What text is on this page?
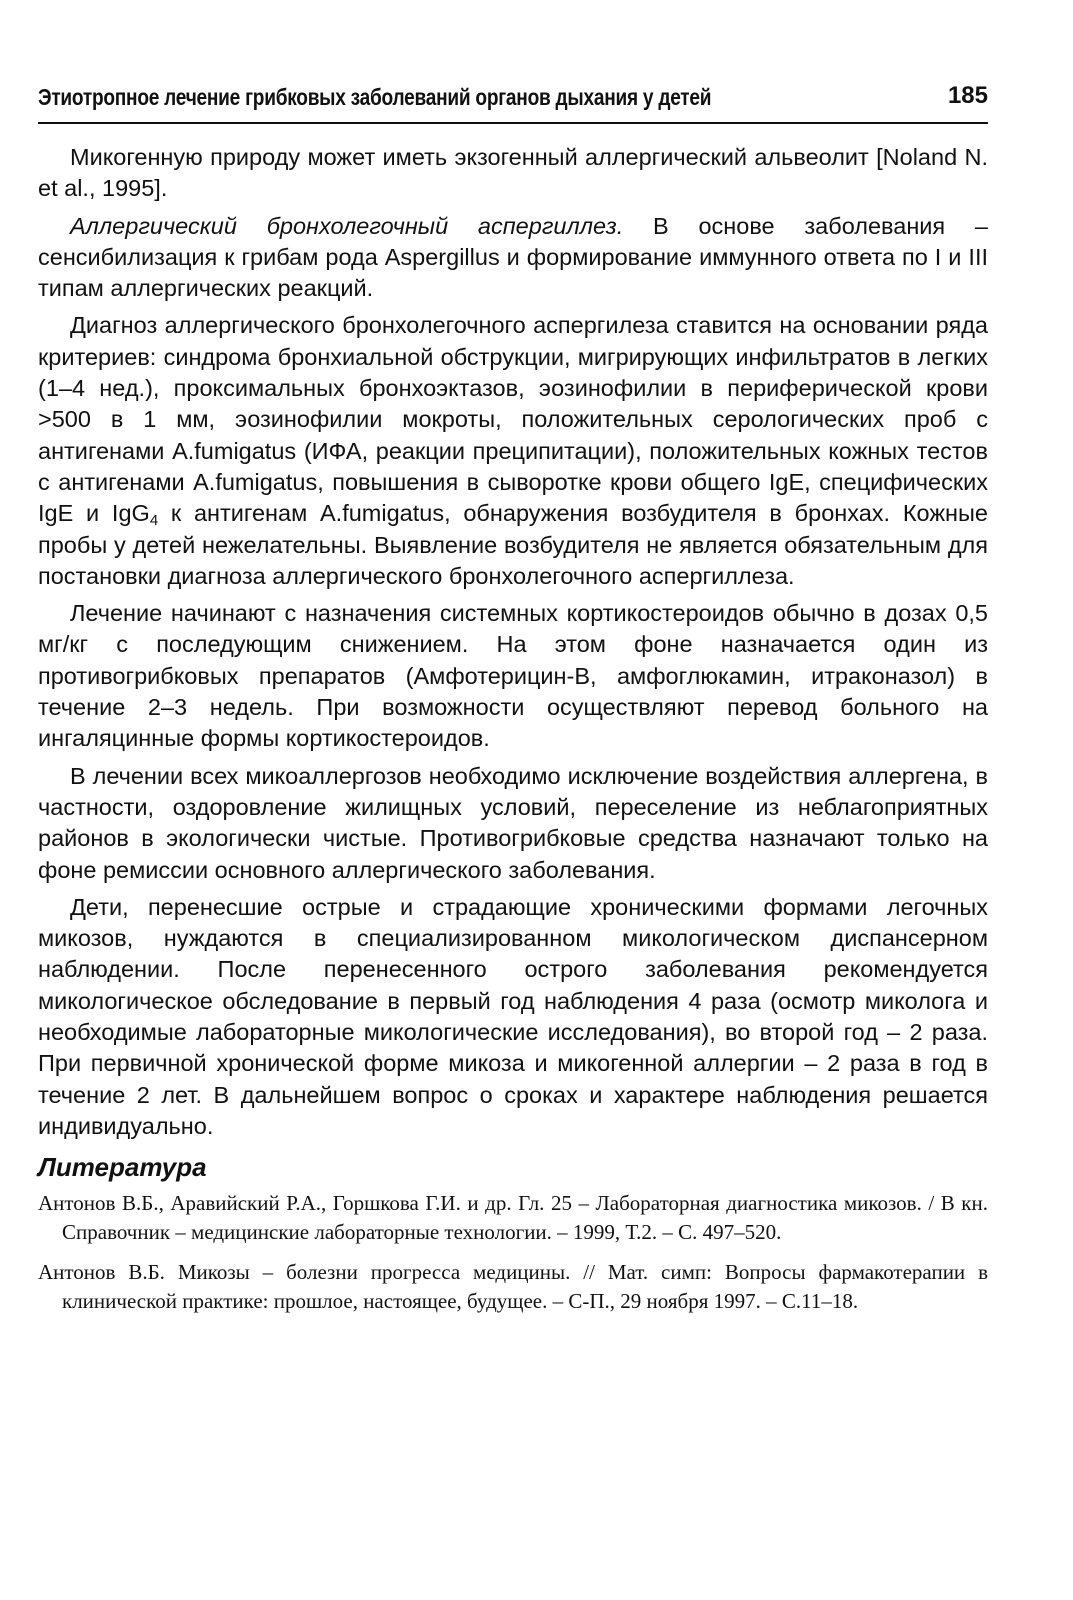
Этиотропное лечение грибковых заболеваний органов дыхания у детей	185

Микогенную природу может иметь экзогенный аллергический альвеолит [Noland N. et al., 1995].

Аллергический бронхолегочный аспергиллез. В основе заболевания – сенсибилизация к грибам рода Aspergillus и формирование иммунного ответа по I и III типам аллергических реакций.

Диагноз аллергического бронхолегочного аспергилеза ставится на основании ряда критериев: синдрома бронхиальной обструкции, мигрирующих инфильтратов в легких (1–4 нед.), проксимальных бронхоэктазов, эозинофилии в периферической крови >500 в 1 мм, эозинофилии мокроты, положительных серологических проб с антигенами A.fumigatus (ИФА, реакции преципитации), положительных кожных тестов с антигенами A.fumigatus, повышения в сыворотке крови общего IgE, специфических IgE и IgG$_4$ к антигенам A.fumigatus, обнаружения возбудителя в бронхах. Кожные пробы у детей нежелательны. Выявление возбудителя не является обязательным для постановки диагноза аллергического бронхолегочного аспергиллеза.

Лечение начинают с назначения системных кортикостероидов обычно в дозах 0,5 мг/кг с последующим снижением. На этом фоне назначается один из противогрибковых препаратов (Амфотерицин-В, амфоглюкамин, итраконазол) в течение 2–3 недель. При возможности осуществляют перевод больного на ингаляцинные формы кортикостероидов.

В лечении всех микоаллергозов необходимо исключение воздействия аллергена, в частности, оздоровление жилищных условий, переселение из неблагоприятных районов в экологически чистые. Противогрибковые средства назначают только на фоне ремиссии основного аллергического заболевания.

Дети, перенесшие острые и страдающие хроническими формами легочных микозов, нуждаются в специализированном микологическом диспансерном наблюдении. После перенесенного острого заболевания рекомендуется микологическое обследование в первый год наблюдения 4 раза (осмотр миколога и необходимые лабораторные микологические исследования), во второй год – 2 раза. При первичной хронической форме микоза и микогенной аллергии – 2 раза в год в течение 2 лет. В дальнейшем вопрос о сроках и характере наблюдения решается индивидуально.

Литература

Антонов В.Б., Аравийский Р.А., Горшкова Г.И. и др. Гл. 25 – Лабораторная диагностика микозов. / В кн. Справочник – медицинские лабораторные технологии. – 1999, Т.2. – С. 497–520.

Антонов В.Б. Микозы – болезни прогресса медицины. // Мат. симп: Вопросы фармакотерапии в клинической практике: прошлое, настоящее, будущее. – С-П., 29 ноября 1997. – С.11–18.
